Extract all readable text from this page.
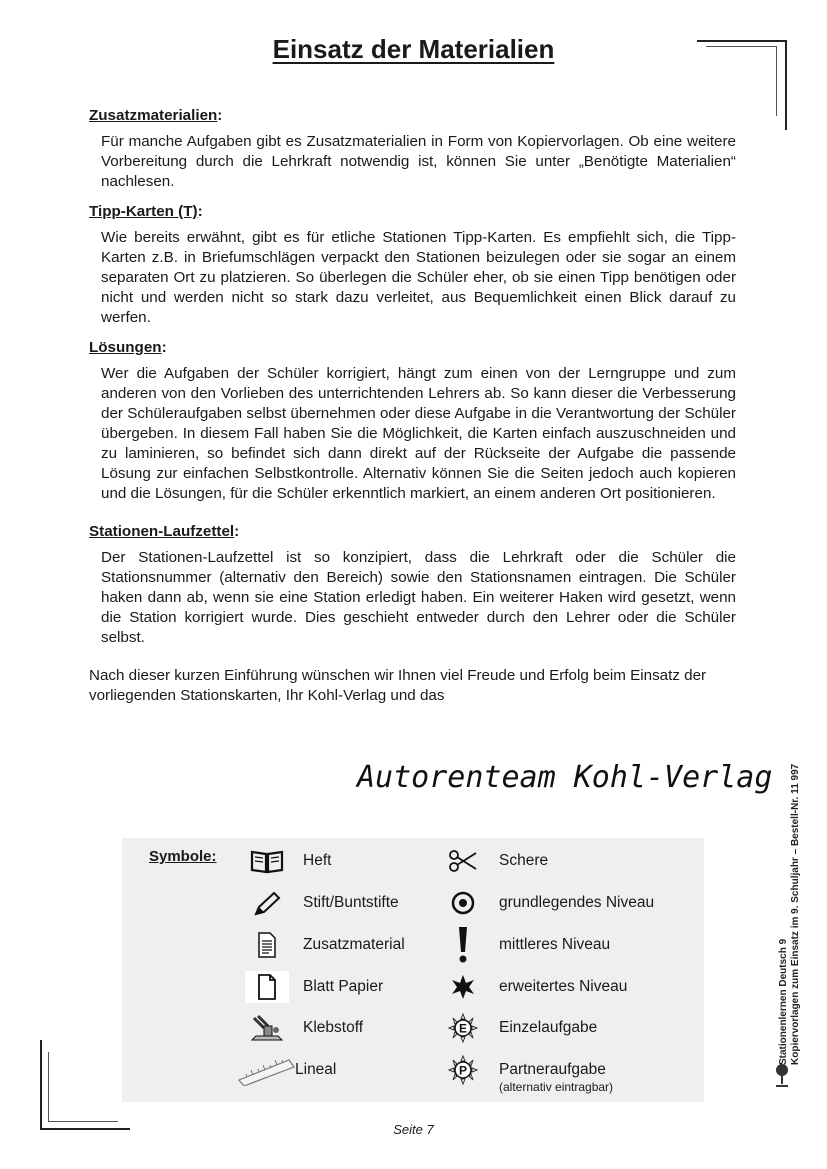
Einsatz der Materialien

Zusatzmaterialien:

Für manche Aufgaben gibt es Zusatzmaterialien in Form von Kopiervorlagen. Ob eine weitere Vorbereitung durch die Lehrkraft notwendig ist, können Sie unter „Benötigte Materialien“ nachlesen.

Tipp-Karten (T):

Wie bereits erwähnt, gibt es für etliche Stationen Tipp-Karten. Es empfiehlt sich, die Tipp-Karten z.B. in Briefumschlägen verpackt den Stationen beizulegen oder sie sogar an einem separaten Ort zu platzieren. So überlegen die Schüler eher, ob sie einen Tipp benötigen oder nicht und werden nicht so stark dazu verleitet, aus Bequemlichkeit einen Blick darauf zu werfen.

Lösungen:

Wer die Aufgaben der Schüler korrigiert, hängt zum einen von der Lerngruppe und zum anderen von den Vorlieben des unterrichtenden Lehrers ab. So kann dieser die Verbesserung der Schüleraufgaben selbst übernehmen oder diese Aufgabe in die Verantwortung der Schüler übergeben. In diesem Fall haben Sie die Möglichkeit, die Karten einfach auszuschneiden und zu laminieren, so befindet sich dann direkt auf der Rückseite der Aufgabe die passende Lösung zur einfachen Selbstkontrolle. Alternativ können Sie die Seiten jedoch auch kopieren und die Lösungen, für die Schüler erkenntlich markiert, an einem anderen Ort positionieren.

Stationen-Laufzettel:

Der Stationen-Laufzettel ist so konzipiert, dass die Lehrkraft oder die Schüler die Stationsnummer (alternativ den Bereich) sowie den Stationsnamen eintragen. Die Schüler haken dann ab, wenn sie eine Station erledigt haben. Ein weiterer Haken wird gesetzt, wenn die Station korrigiert wurde. Dies geschieht entweder durch den Lehrer oder die Schüler selbst.

Nach dieser kurzen Einführung wünschen wir Ihnen viel Freude und Erfolg beim Einsatz der vorliegenden Stationskarten, Ihr Kohl-Verlag und das

Autorenteam Kohl-Verlag
Symbole:	Heft
Stift/Buntstifte
Zusatzmaterial
Blatt Papier
Klebstoff
Lineal
Schere
grundlegendes Niveau
mittleres Niveau
erweitertes Niveau
E Einzelaufgabe
P Partneraufgabe
(alternativ eintragbar)
Stationenlernen Deutsch 9 Kopiervorlagen zum Einsatz im 9. Schuljahr – Bestell-Nr. 11 997
Seite 7
